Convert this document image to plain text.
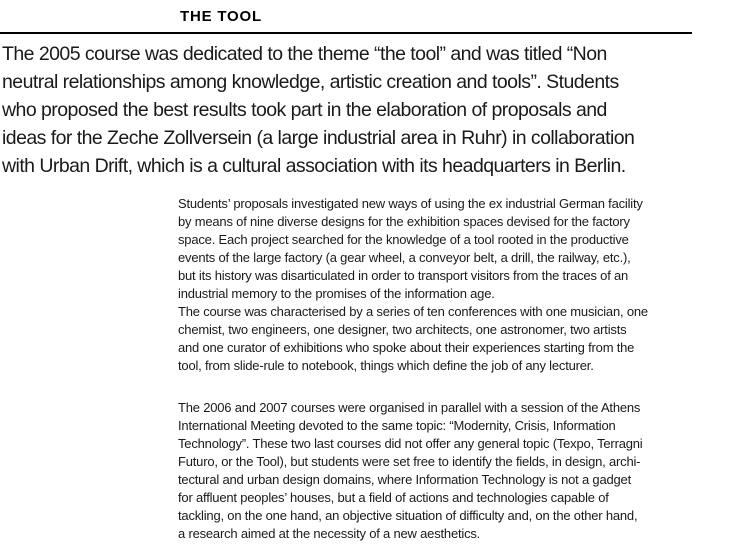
THE TOOL
The 2005 course was dedicated to the theme “the tool” and was titled “Non
neutral relationships among knowledge, artistic creation and tools”. Students
who proposed the best results took part in the elaboration of proposals and
ideas for the Zeche Zollversein (a large industrial area in Ruhr) in collaboration
with Urban Drift, which is a cultural association with its headquarters in Berlin.
Students’ proposals investigated new ways of using the ex industrial German facility
by means of nine diverse designs for the exhibition spaces devised for the factory
space. Each project searched for the knowledge of a tool rooted in the productive
events of the large factory (a gear wheel, a conveyor belt, a drill, the railway, etc.),
but its history was disarticulated in order to transport visitors from the traces of an
industrial memory to the promises of the information age.
The course was characterised by a series of ten conferences with one musician, one
chemist, two engineers, one designer, two architects, one astronomer, two artists
and one curator of exhibitions who spoke about their experiences starting from the
tool, from slide-rule to notebook, things which define the job of any lecturer.
The 2006 and 2007 courses were organised in parallel with a session of the Athens
International Meeting devoted to the same topic: “Modernity, Crisis, Information
Technology”. These two last courses did not offer any general topic (Texpo, Terragni
Futuro, or the Tool), but students were set free to identify the fields, in design, archi-
tectural and urban design domains, where Information Technology is not a gadget
for affluent peoples’ houses, but a field of actions and technologies capable of
tackling, on the one hand, an objective situation of difficulty and, on the other hand,
a research aimed at the necessity of a new aesthetics.
